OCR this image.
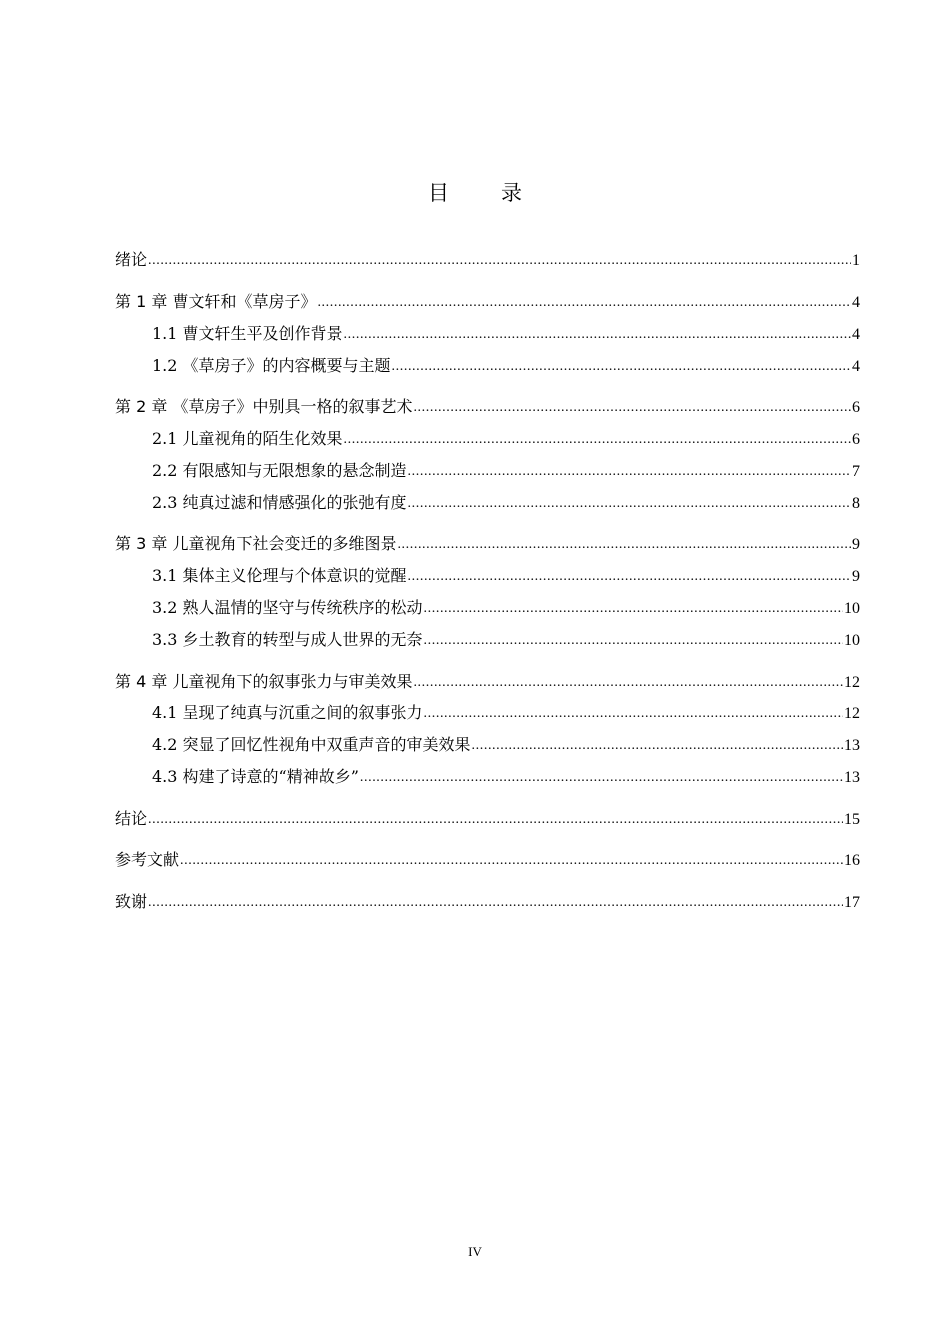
目 录
绪论 .....	1
第 1 章 曹文轩和《草房子》 .....	4
1.1 曹文轩生平及创作背景 .....	4
1.2 《草房子》的内容概要与主题 .....	4
第 2 章 《草房子》中别具一格的叙事艺术 .....	6
2.1 儿童视角的陌生化效果 .....	6
2.2 有限感知与无限想象的悬念制造 .....	7
2.3 纯真过滤和情感强化的张弛有度 .....	8
第 3 章 儿童视角下社会变迁的多维图景 .....	9
3.1 集体主义伦理与个体意识的觉醒 .....	9
3.2 熟人温情的坚守与传统秩序的松动 .....	10
3.3 乡土教育的转型与成人世界的无奈 .....	10
第 4 章 儿童视角下的叙事张力与审美效果 .....	12
4.1 呈现了纯真与沉重之间的叙事张力 .....	12
4.2 突显了回忆性视角中双重声音的审美效果 .....	13
4.3 构建了诗意的“精神故乡” .....	13
结论 .....	15
参考文献 .....	16
致谢 .....	17
IV
